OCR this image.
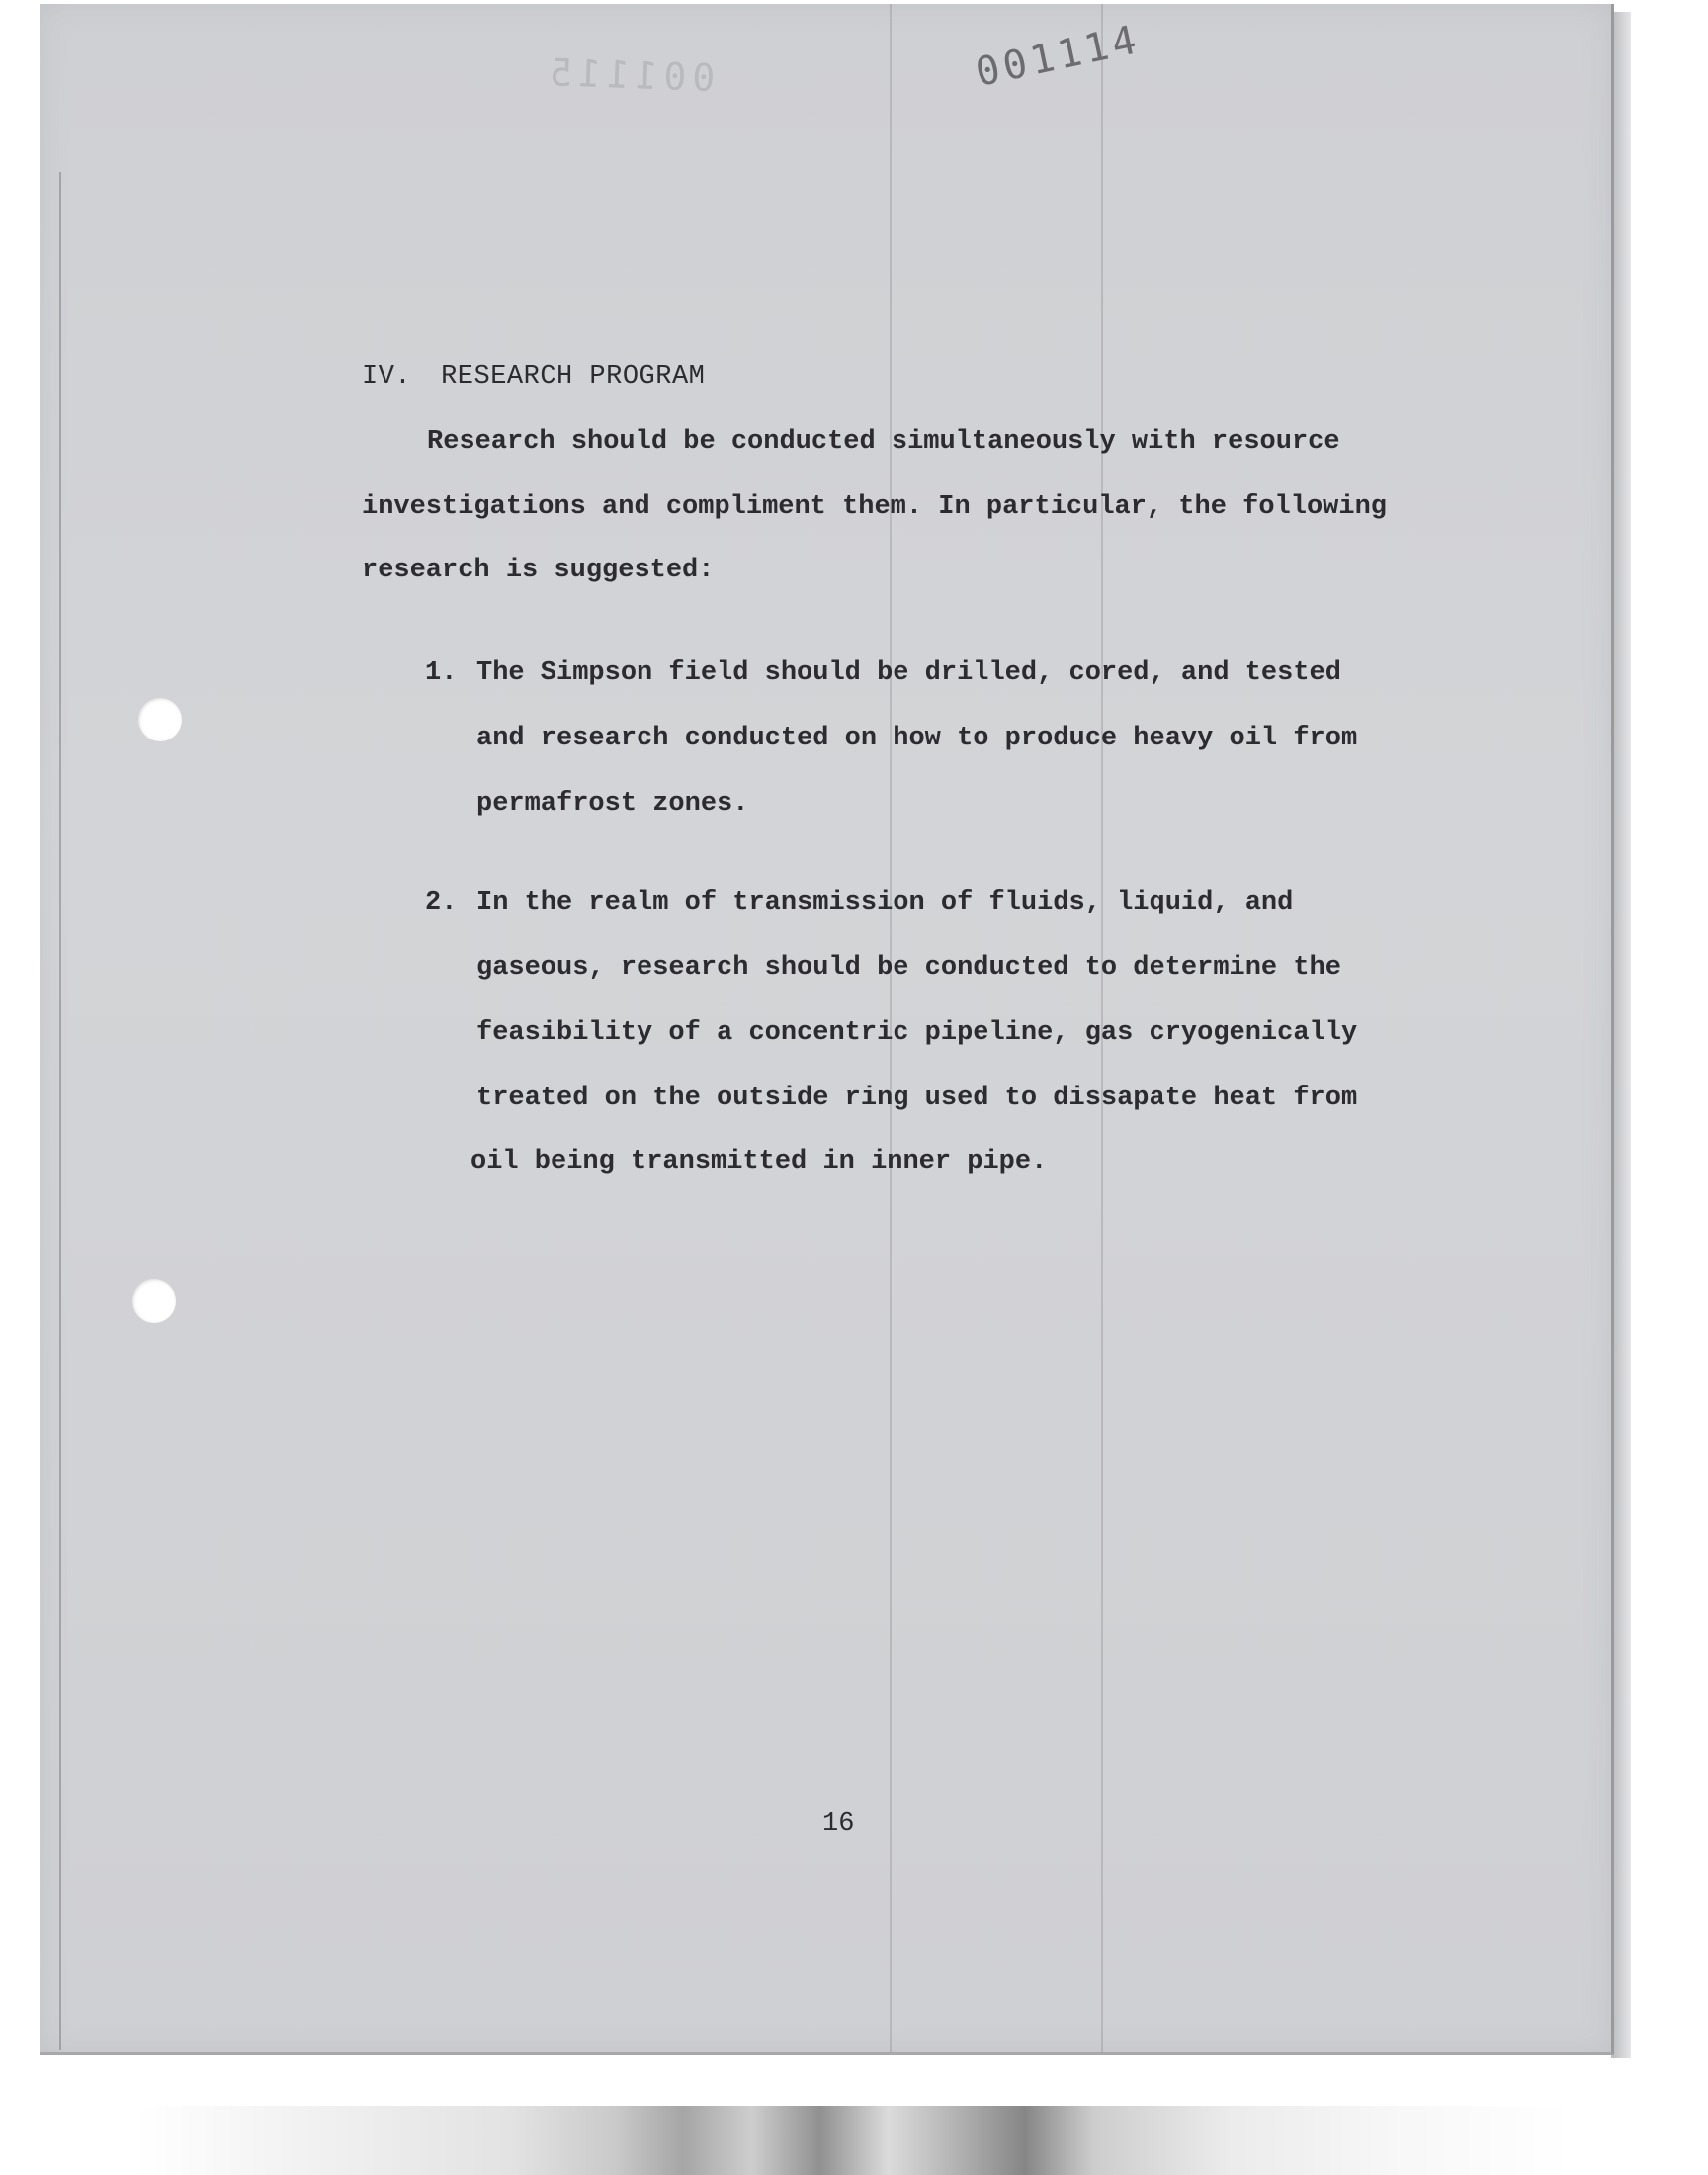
001115	001114
IV. RESEARCH PROGRAM
Research should be conducted simultaneously with resource
investigations and compliment them. In particular, the following
research is suggested:
1. The Simpson field should be drilled, cored, and tested
and research conducted on how to produce heavy oil from
permafrost zones.
2. In the realm of transmission of fluids, liquid, and
gaseous, research should be conducted to determine the
feasibility of a concentric pipeline, gas cryogenically
treated on the outside ring used to dissapate heat from
oil being transmitted in inner pipe.
16
